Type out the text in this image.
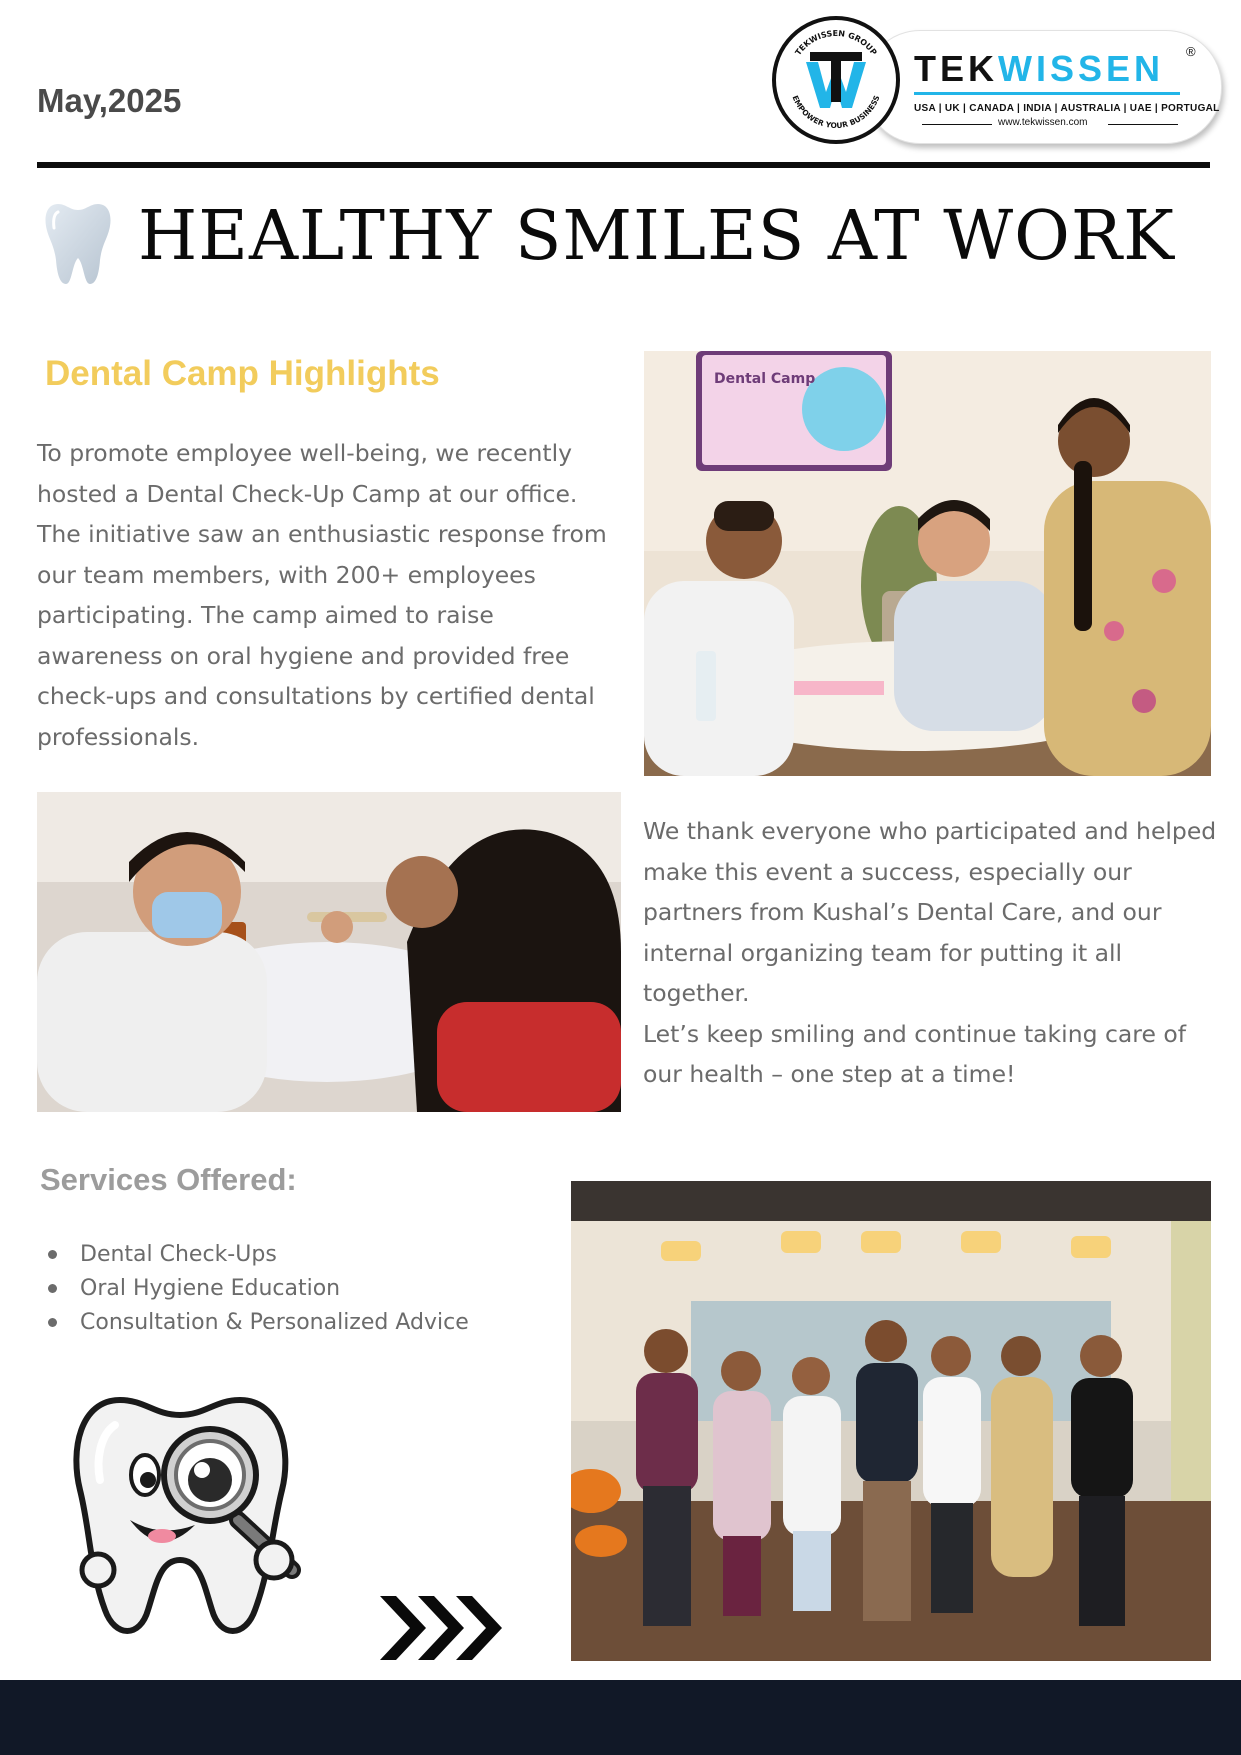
May,2025
TEKWISSEN GROUP
EMPOWER YOUR BUSINESS
TEKWISSEN ®
USA | UK | CANADA | INDIA | AUSTRALIA | UAE | PORTUGAL
www.tekwissen.com
HEALTHY SMILES AT WORK
Dental Camp Highlights
To promote employee well-being, we recently hosted a Dental Check-Up Camp at our office. The initiative saw an enthusiastic response from our team members, with 200+ employees participating. The camp aimed to raise awareness on oral hygiene and provided free check-ups and consultations by certified dental professionals.
Dental Camp

We thank everyone who participated and helped make this event a success, especially our partners from Kushal’s Dental Care, and our internal organizing team for putting it all together.

Let’s keep smiling and continue taking care of our health – one step at a time!

Services Offered:
Dental Check-Ups
Oral Hygiene Education
Consultation & Personalized Advice
